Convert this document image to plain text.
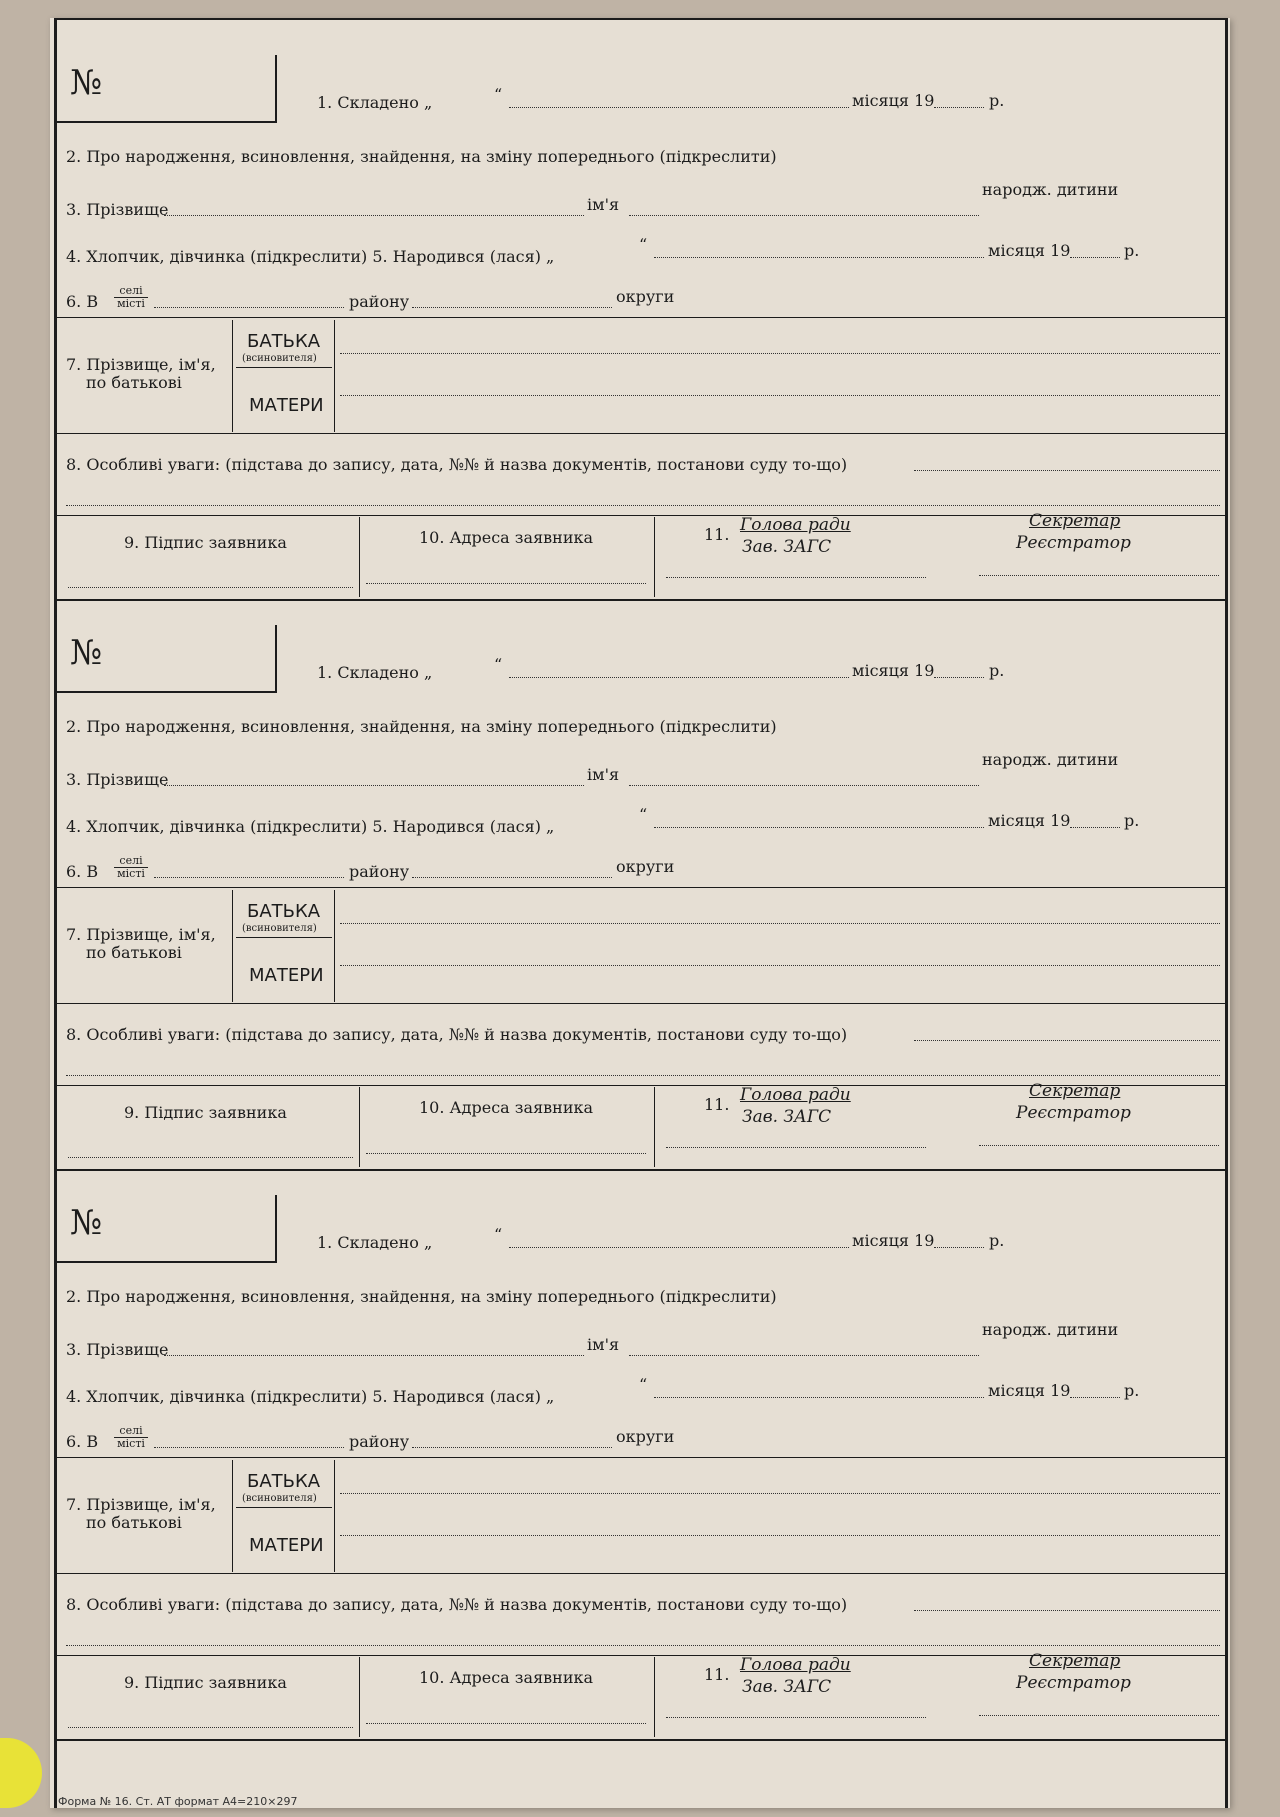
№	1. Складено „	“	місяця 19	р.
2. Про народження, всиновлення, знайдення, на зміну попереднього (підкреслити)
3. Прізвище	ім'я
народж. дитини
4. Хлопчик, дівчинка (підкреслити) 5. Народився (лася) „
“	місяця 19	р.
6. В
селі
місті	району	округи
7. Прізвище, ім'я,
по батькові
БАТЬКА
(всиновителя)
МАТЕРИ
8. Особливі уваги: (підстава до запису, дата, №№ й назва документів, постанови суду то-що)
9. Підпис заявника	10. Адреса заявника	11. Голова ради
Зав. ЗАГС
Секретар
Реєстратор
№	1. Складено „	“	місяця 19	р.
2. Про народження, всиновлення, знайдення, на зміну попереднього (підкреслити)
3. Прізвище	ім'я
народж. дитини
4. Хлопчик, дівчинка (підкреслити) 5. Народився (лася) „
“	місяця 19	р.
6. В
селі
місті	району	округи
7. Прізвище, ім'я,
по батькові
БАТЬКА
(всиновителя)
МАТЕРИ
8. Особливі уваги: (підстава до запису, дата, №№ й назва документів, постанови суду то-що)
9. Підпис заявника	10. Адреса заявника	11. Голова ради
Зав. ЗАГС
Секретар
Реєстратор
№	1. Складено „	“	місяця 19	р.
2. Про народження, всиновлення, знайдення, на зміну попереднього (підкреслити)
3. Прізвище	ім'я
народж. дитини
4. Хлопчик, дівчинка (підкреслити) 5. Народився (лася) „
“	місяця 19	р.
6. В
селі
місті	району	округи
7. Прізвище, ім'я,
по батькові
БАТЬКА
(всиновителя)
МАТЕРИ
8. Особливі уваги: (підстава до запису, дата, №№ й назва документів, постанови суду то-що)
9. Підпис заявника	10. Адреса заявника	11. Голова ради
Зав. ЗАГС
Секретар
Реєстратор
Форма № 16. Ст. АТ формат А4=210×297
